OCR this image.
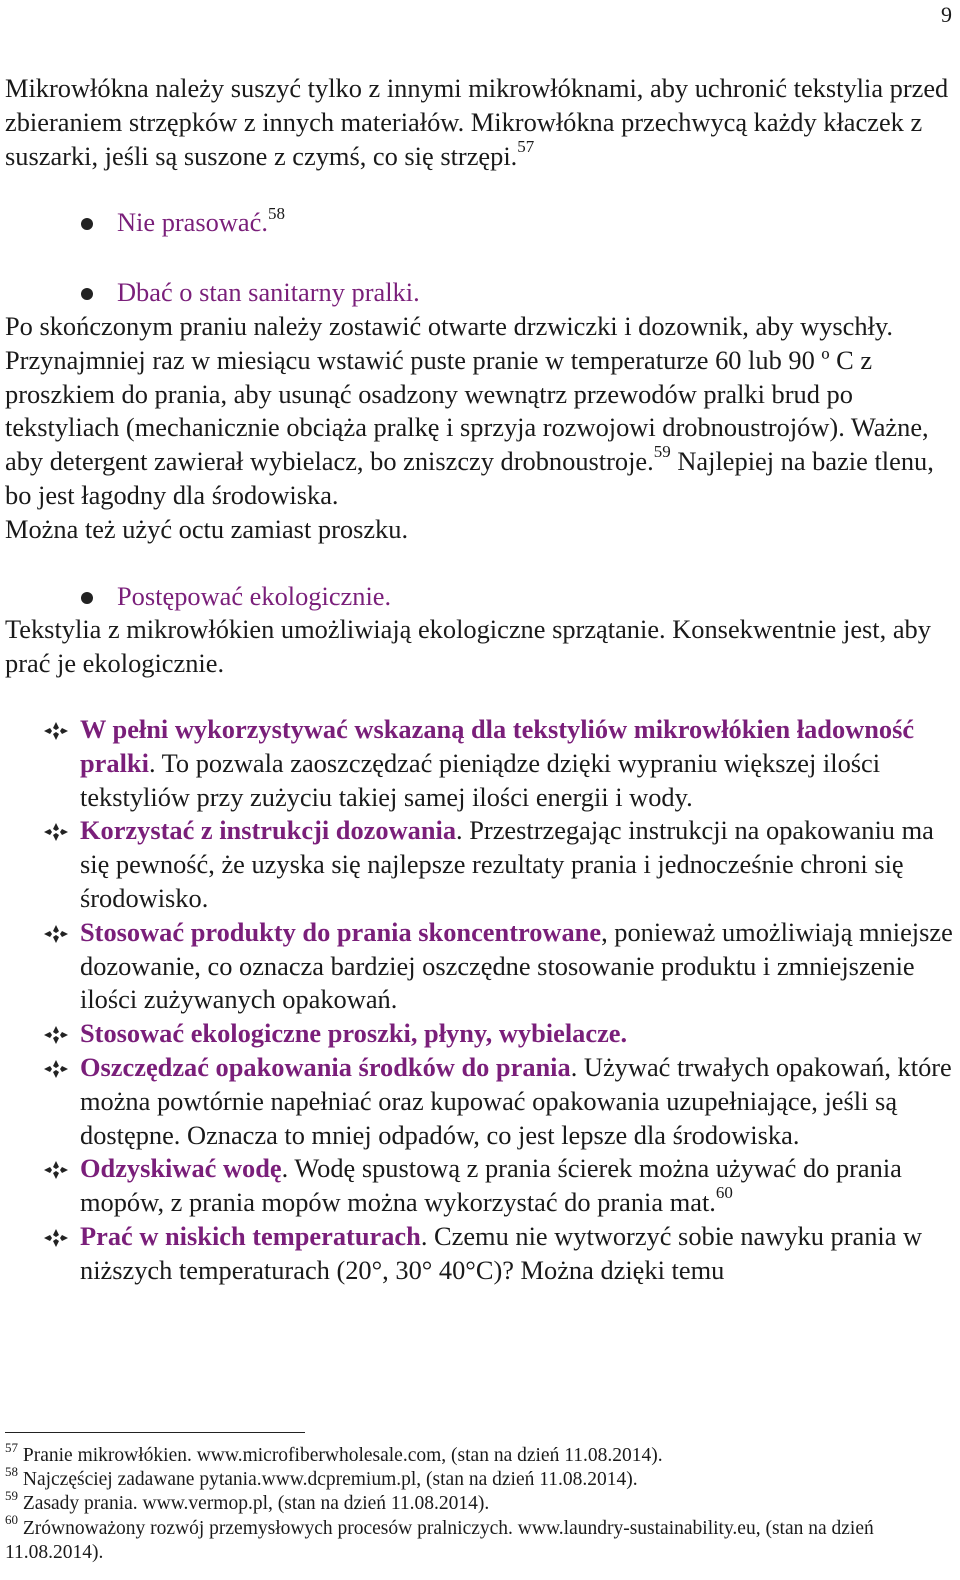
9

Mikrowłókna należy suszyć tylko z innymi mikrowłóknami, aby uchronić tekstylia przed zbieraniem strzępków z innych materiałów. Mikrowłókna przechwycą każdy kłaczek z suszarki, jeśli są suszone z czymś, co się strzępi.$^{57}$

Nie prasować.$^{58}$
Dbać o stan sanitarny pralki.

Po skończonym praniu należy zostawić otwarte drzwiczki i dozownik, aby wyschły. Przynajmniej raz w miesiącu wstawić puste pranie w temperaturze 60 lub 90 º C z proszkiem do prania, aby usunąć osadzony wewnątrz przewodów pralki brud po tekstyliach (mechanicznie obciąża pralkę i sprzyja rozwojowi drobnoustrojów). Ważne, aby detergent zawierał wybielacz, bo zniszczy drobnoustroje.$^{59}$ Najlepiej na bazie tlenu, bo jest łagodny dla środowiska.

Można też użyć octu zamiast proszku.

Postępować ekologicznie.

Tekstylia z mikrowłókien umożliwiają ekologiczne sprzątanie. Konsekwentnie jest, aby prać je ekologicznie.

W pełni wykorzystywać wskazaną dla tekstyliów mikrowłókien ładowność pralki. To pozwala zaoszczędzać pieniądze dzięki wypraniu większej ilości tekstyliów przy zużyciu takiej samej ilości energii i wody.
Korzystać z instrukcji dozowania. Przestrzegając instrukcji na opakowaniu ma się pewność, że uzyska się najlepsze rezultaty prania i jednocześnie chroni się środowisko.
Stosować produkty do prania skoncentrowane, ponieważ umożliwiają mniejsze dozowanie, co oznacza bardziej oszczędne stosowanie produktu i zmniejszenie ilości zużywanych opakowań.
Stosować ekologiczne proszki, płyny, wybielacze.
Oszczędzać opakowania środków do prania. Używać trwałych opakowań, które można powtórnie napełniać oraz kupować opakowania uzupełniające, jeśli są dostępne. Oznacza to mniej odpadów, co jest lepsze dla środowiska.
Odzyskiwać wodę. Wodę spustową z prania ścierek można używać do prania mopów, z prania mopów można wykorzystać do prania mat.$^{60}$
Prać w niskich temperaturach. Czemu nie wytworzyć sobie nawyku prania w niższych temperaturach (20°, 30° 40°C)? Można dzięki temu

$^{57}$ Pranie mikrowłókien. www.microfiberwholesale.com, (stan na dzień 11.08.2014).

$^{58}$ Najczęściej zadawane pytania.www.dcpremium.pl, (stan na dzień 11.08.2014).

$^{59}$ Zasady prania. www.vermop.pl, (stan na dzień 11.08.2014).

$^{60}$ Zrównoważony rozwój przemysłowych procesów pralniczych. www.laundry-sustainability.eu, (stan na dzień 11.08.2014).
